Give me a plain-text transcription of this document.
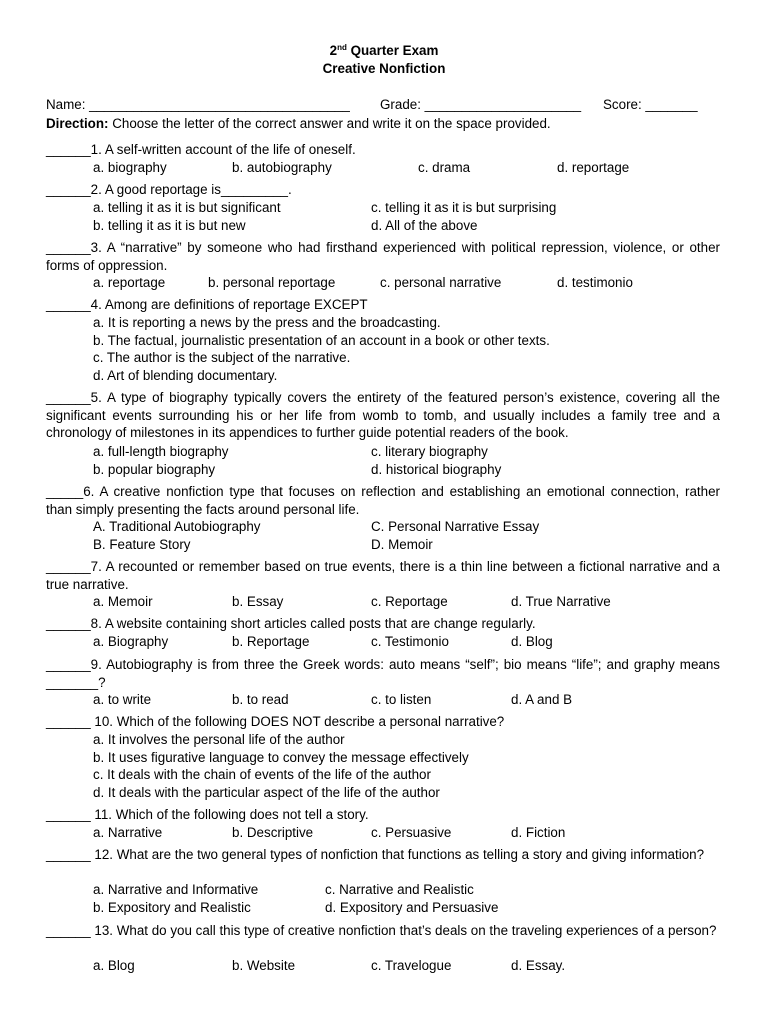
2nd Quarter Exam
Creative Nonfiction
Name: ___________________________________ Grade: _____________________ Score: _______
Direction: Choose the letter of the correct answer and write it on the space provided.
______1. A self-written account of the life of oneself.
a. biography	b. autobiography	c. drama	d. reportage
______2. A good reportage is_________.
a. telling it as it is but significant	c. telling it as it is but surprising
b. telling it as it is but new	d. All of the above
______3. A “narrative” by someone who had firsthand experienced with political repression, violence, or other forms of oppression.
a. reportage	b. personal reportage	c. personal narrative	d. testimonio
______4. Among are definitions of reportage EXCEPT
a. It is reporting a news by the press and the broadcasting.
b. The factual, journalistic presentation of an account in a book or other texts.
c. The author is the subject of the narrative.
d. Art of blending documentary.
______5. A type of biography typically covers the entirety of the featured person’s existence, covering all the significant events surrounding his or her life from womb to tomb, and usually includes a family tree and a chronology of milestones in its appendices to further guide potential readers of the book.
a. full-length biography	c. literary biography
b. popular biography	d. historical biography
_____6. A creative nonfiction type that focuses on reflection and establishing an emotional connection, rather than simply presenting the facts around personal life.
A. Traditional Autobiography	C. Personal Narrative Essay
B. Feature Story	D. Memoir
______7. A recounted or remember based on true events, there is a thin line between a fictional narrative and a true narrative.
a. Memoir	b. Essay	c. Reportage	d. True Narrative
______8. A website containing short articles called posts that are change regularly.
a. Biography	b. Reportage	c. Testimonio	d. Blog
______9. Autobiography is from three the Greek words: auto means “self”; bio means “life”; and graphy means _______?
a. to write	b. to read	c. to listen	d. A and B
______ 10. Which of the following DOES NOT describe a personal narrative?
a. It involves the personal life of the author
b. It uses figurative language to convey the message effectively
c. It deals with the chain of events of the life of the author
d. It deals with the particular aspect of the life of the author
______ 11. Which of the following does not tell a story.
a. Narrative	b. Descriptive	c. Persuasive	d. Fiction
______ 12. What are the two general types of nonfiction that functions as telling a story and giving information?
a. Narrative and Informative	c. Narrative and Realistic
b. Expository and Realistic	d. Expository and Persuasive
______ 13. What do you call this type of creative nonfiction that’s deals on the traveling experiences of a person?
a. Blog	b. Website	c. Travelogue	d. Essay.
